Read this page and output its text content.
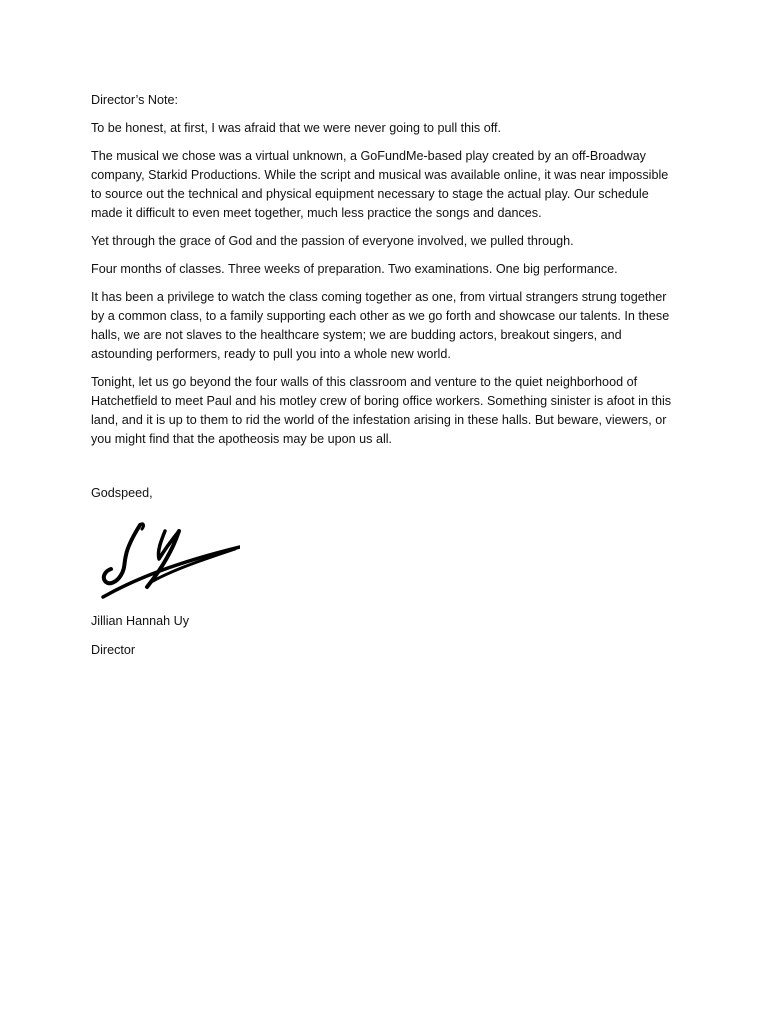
Director’s Note:
To be honest, at first, I was afraid that we were never going to pull this off.
The musical we chose was a virtual unknown, a GoFundMe-based play created by an off-Broadway company, Starkid Productions. While the script and musical was available online, it was near impossible to source out the technical and physical equipment necessary to stage the actual play. Our schedule made it difficult to even meet together, much less practice the songs and dances.
Yet through the grace of God and the passion of everyone involved, we pulled through.
Four months of classes. Three weeks of preparation. Two examinations. One big performance.
It has been a privilege to watch the class coming together as one, from virtual strangers strung together by a common class, to a family supporting each other as we go forth and showcase our talents. In these halls, we are not slaves to the healthcare system; we are budding actors, breakout singers, and astounding performers, ready to pull you into a whole new world.
Tonight, let us go beyond the four walls of this classroom and venture to the quiet neighborhood of Hatchetfield to meet Paul and his motley crew of boring office workers. Something sinister is afoot in this land, and it is up to them to rid the world of the infestation arising in these halls. But beware, viewers, or you might find that the apotheosis may be upon us all.
Godspeed,
Jillian Hannah Uy
Director
